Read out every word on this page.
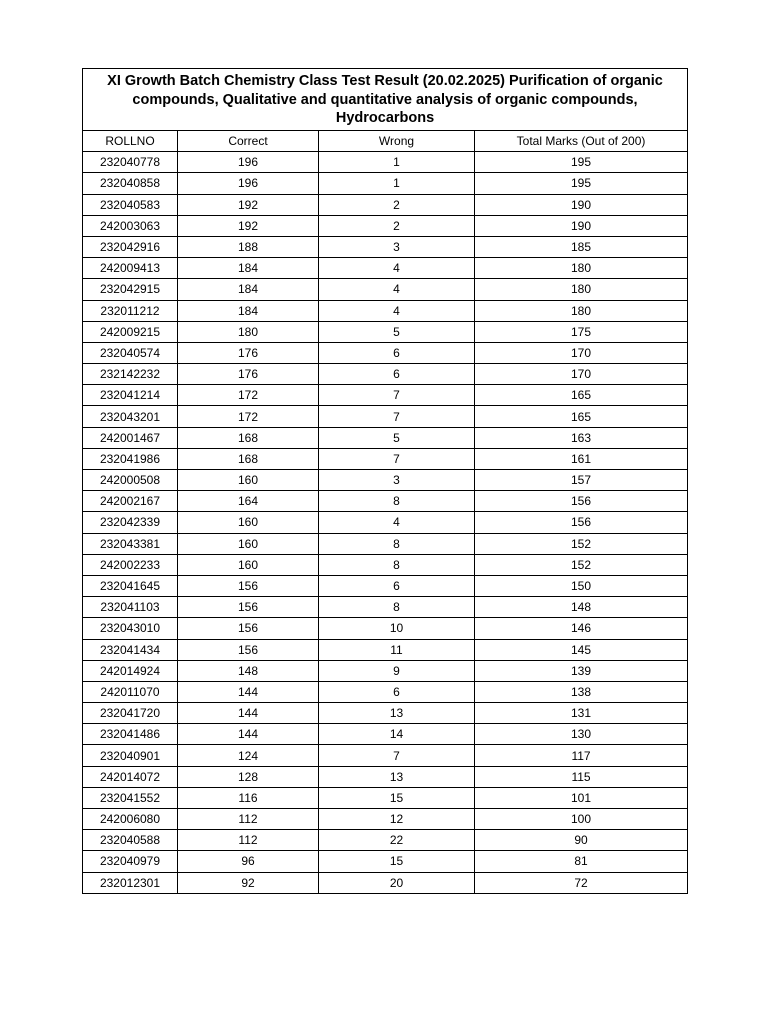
XI Growth Batch Chemistry Class Test Result (20.02.2025) Purification of organic
compounds, Qualitative and quantitative analysis of organic compounds,
Hydrocarbons			

ROLLNO	Correct	Wrong	Total Marks (Out of 200)
232040778	196	1	195
232040858	196	1	195
232040583	192	2	190
242003063	192	2	190
232042916	188	3	185
242009413	184	4	180
232042915	184	4	180
232011212	184	4	180
242009215	180	5	175
232040574	176	6	170
232142232	176	6	170
232041214	172	7	165
232043201	172	7	165
242001467	168	5	163
232041986	168	7	161
242000508	160	3	157
242002167	164	8	156
232042339	160	4	156
232043381	160	8	152
242002233	160	8	152
232041645	156	6	150
232041103	156	8	148
232043010	156	10	146
232041434	156	11	145
242014924	148	9	139
242011070	144	6	138
232041720	144	13	131
232041486	144	14	130
232040901	124	7	117
242014072	128	13	115
232041552	116	15	101
242006080	112	12	100
232040588	112	22	90
232040979	96	15	81
232012301	92	20	72
